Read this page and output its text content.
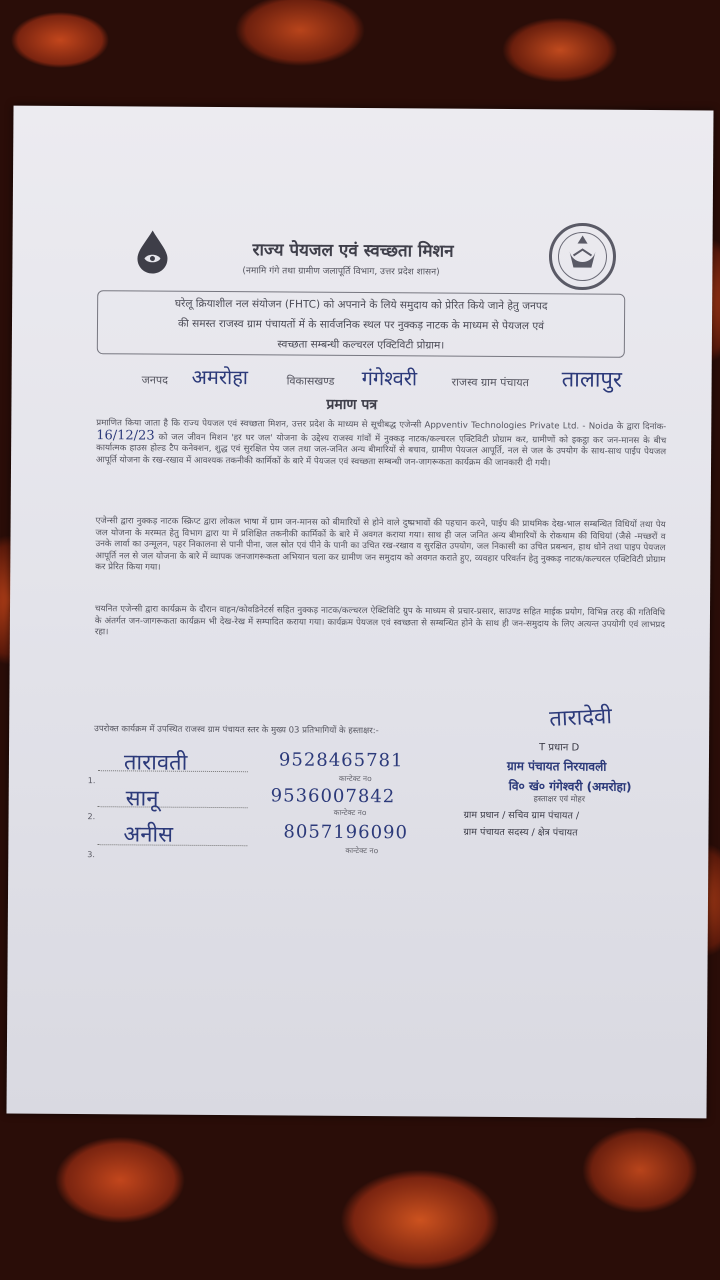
राज्य पेयजल एवं स्वच्छता मिशन
(नमामि गंगे तथा ग्रामीण जलापूर्ति विभाग, उत्तर प्रदेश शासन)
घरेलू क्रियाशील नल संयोजन (FHTC) को अपनाने के लिये समुदाय को प्रेरित किये जाने हेतु जनपद
की समस्त राजस्व ग्राम पंचायतों में के सार्वजनिक स्थल पर नुक्कड़ नाटक के माध्यम से पेयजल एवं
स्वच्छता सम्बन्धी कल्चरल एक्टिविटी प्रोग्राम।
जनपद अमरोहा	विकासखण्ड गंगेश्वरी	राजस्व ग्राम पंचायत तालापुर
प्रमाण पत्र
प्रमाणित किया जाता है कि राज्य पेयजल एवं स्वच्छता मिशन, उत्तर प्रदेश के माध्यम से सूचीबद्ध एजेन्सी Appventiv Technologies Private Ltd. - Noida के द्वारा दिनांक- 16/12/23 को जल जीवन मिशन 'हर घर जल' योजना के उद्देश्य राजस्व गांवों में नुक्कड़ नाटक/कल्चरल एक्टिविटी प्रोग्राम कर, ग्रामीणों को इकट्ठा कर जन-मानस के बीच कार्यात्मक हाउस होल्ड टैप कनेक्शन, शुद्ध एवं सुरक्षित पेय जल तथा जल-जनित अन्य बीमारियों से बचाव, ग्रामीण पेयजल आपूर्ति, नल से जल के उपयोग के साथ-साथ पाईप पेयजल आपूर्ति योजना के रख-रखाव में आवश्यक तकनीकी कार्मिकों के बारे में पेयजल एवं स्वच्छता सम्बन्धी जन-जागरूकता कार्यक्रम की जानकारी दी गयी।
एजेन्सी द्वारा नुक्कड़ नाटक स्क्रिप्ट द्वारा लोकल भाषा में ग्राम जन-मानस को बीमारियों से होने वाले दुष्प्रभावों की पहचान करने, पाईप की प्राथमिक देख-भाल सम्बन्धित विधियों तथा पेय जल योजना के मरम्मत हेतु विभाग द्वारा या में प्रशिक्षित तकनीकी कार्मिकों के बारे में अवगत कराया गया। साथ ही जल जनित अन्य बीमारियों के रोकथाम की विधियां (जैसे -मच्छरों व उनके लार्वा का उन्मूलन, पहर निकालना से पानी पीना, जल स्रोत एवं पीने के पानी का उचित रख-रखाव व सुरक्षित उपयोग, जल निकासी का उचित प्रबन्धन, हाथ धोने तथा पाइप पेयजल आपूर्ति नल से जल योजना के बारे में व्यापक जनजागरूकता अभियान चला कर ग्रामीण जन समुदाय को अवगत कराते हुए, व्यवहार परिवर्तन हेतु नुक्कड़ नाटक/कल्चरल एक्टिविटी प्रोग्राम कर प्रेरित किया गया।
चयनित एजेन्सी द्वारा कार्यक्रम के दौरान वाहन/कोवडिनेटर्स सहित नुक्कड़ नाटक/कल्चरल ऐक्टिविटि ग्रुप के माध्यम से प्रचार-प्रसार, साउण्ड सहित माईक प्रयोग, विभिन्न तरह की गतिविधि के अंतर्गत जन-जागरूकता कार्यक्रम भी देख-रेख में सम्पादित कराया गया। कार्यक्रम पेयजल एवं स्वच्छता से सम्बन्धित होने के साथ ही जन-समुदाय के लिए अत्यन्त उपयोगी एवं लाभप्रद रहा।
तारादेवी
T प्रधान D
ग्राम पंचायत निरयावली
वि० खं० गंगेश्वरी (अमरोहा)
हस्ताक्षर एवं मोहर
ग्राम प्रधान / सचिव ग्राम पंचायत /
ग्राम पंचायत सदस्य / क्षेत्र पंचायत
उपरोक्त कार्यक्रम में उपस्थित राजस्व ग्राम पंचायत स्तर के मुख्य 03 प्रतिभागियों के हस्ताक्षर:-
1.
तारावती	9528465781
कान्टेक्ट नo
2.
सानू	9536007842
कान्टेक्ट नo
3.
अनीस	8057196090
कान्टेक्ट नo
